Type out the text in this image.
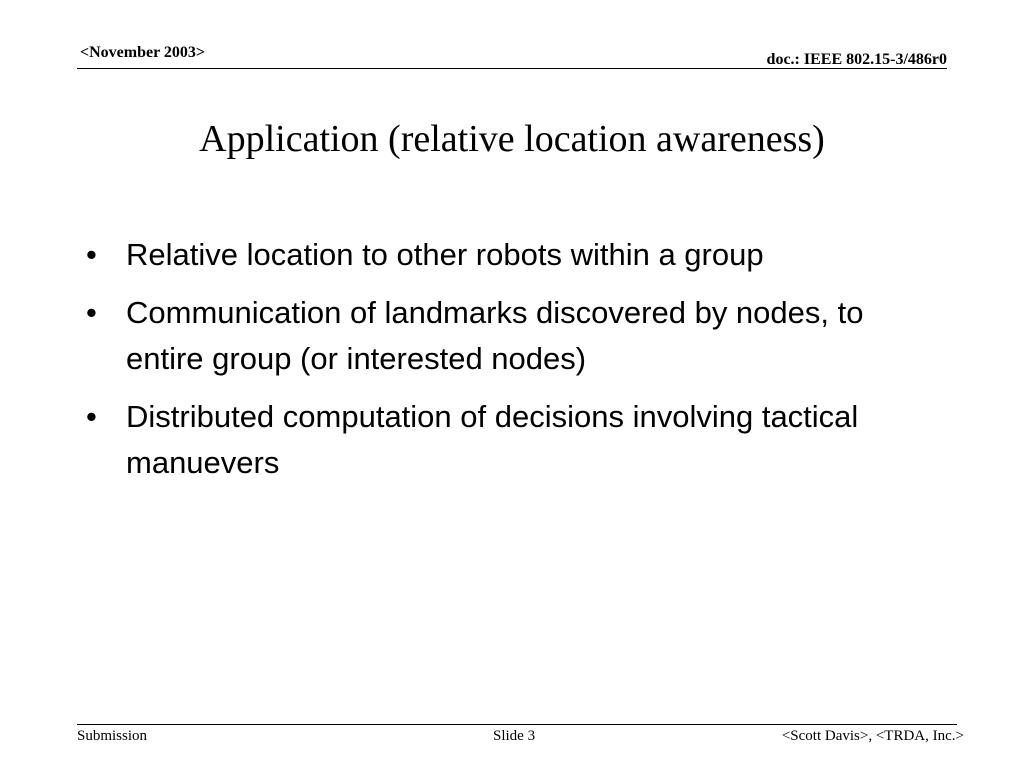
<November 2003>	doc.: IEEE 802.15-3/486r0
Application (relative location awareness)
• Relative location to other robots within a group
• Communication of landmarks discovered by nodes, to entire group (or interested nodes)
• Distributed computation of decisions involving tactical manuevers
Submission	Slide 3	<Scott Davis>, <TRDA, Inc.>
